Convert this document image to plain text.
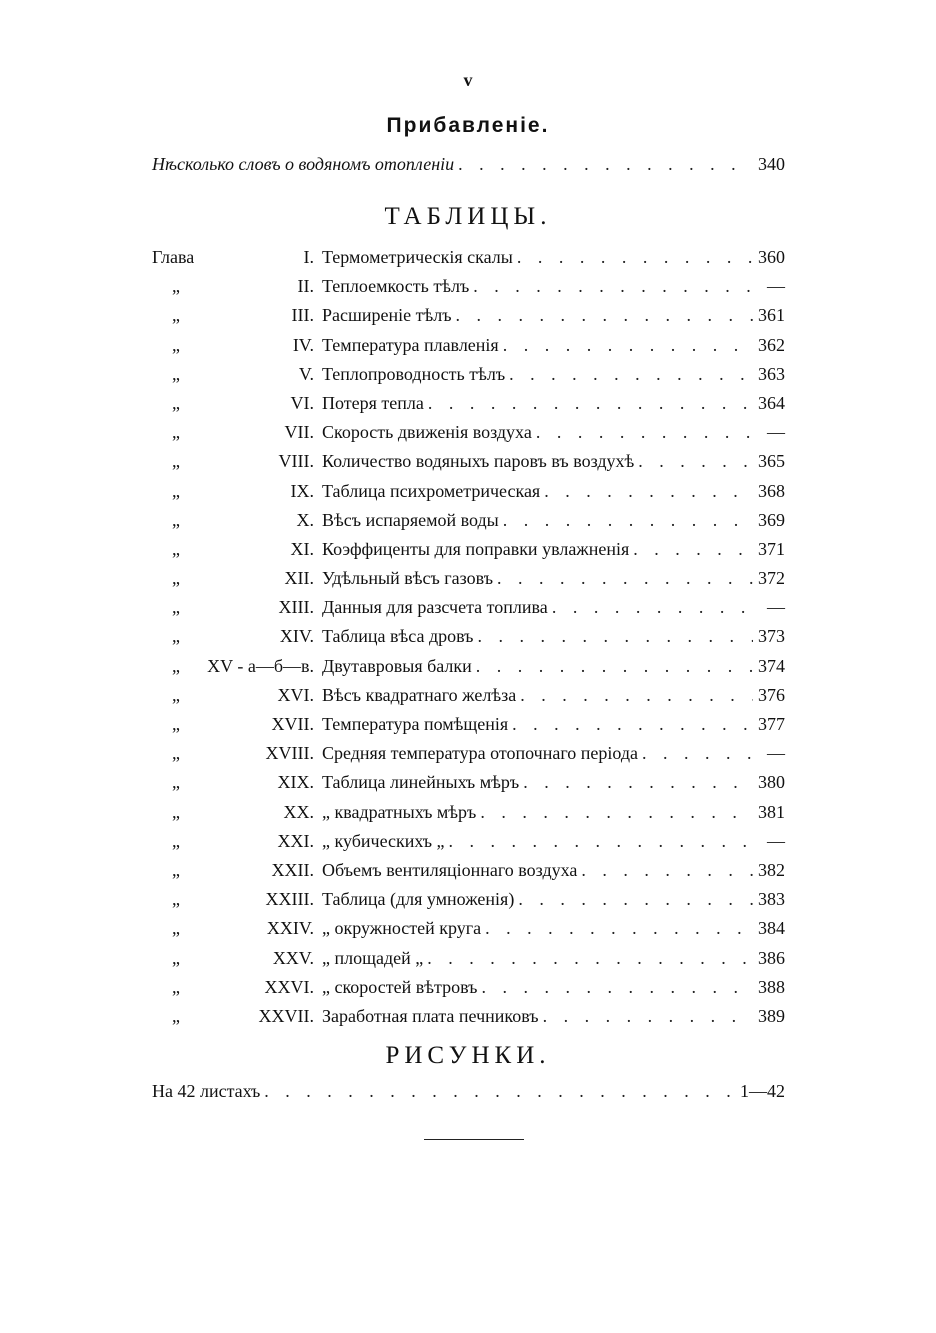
v
Прибавленіе.
Нѣсколько словъ о водяномъ отопленіи . . .	340
ТАБЛИЦЫ.
Глава	I. Термометрическія скалы . . .	360
„	II. Теплоемкость тѣлъ . . .	—
„	III. Расширеніе тѣлъ . . .	361
„	IV. Температура плавленія . . .	362
„	V. Теплопроводность тѣлъ . . .	363
„	VI. Потеря тепла . . .	364
„	VII. Скорость движенія воздуха . . .	—
„	VIII. Количество водяныхъ паровъ въ воздухѣ . . .	365
„	IX. Таблица психрометрическая . . .	368
„	X. Вѣсъ испаряемой воды . . .	369
„	XI. Коэффиценты для поправки увлажненія . . .	371
„	XII. Удѣльный вѣсъ газовъ . . .	372
„	XIII. Данныя для разсчета топлива . . .	—
„	XIV. Таблица вѣса дровъ . . .	373
„	XV - а—б—в. Двутавровыя балки . . .	374
„	XVI. Вѣсъ квадратнаго желѣза . . .	376
„	XVII. Температура помѣщенія . . .	377
„	XVIII. Средняя температура отопочнаго періода . . .	—
„	XIX. Таблица линейныхъ мѣръ . . .	380
„	XX. „ квадратныхъ мѣръ . . .	381
„	XXI. „ кубическихъ „ . . .	—
„	XXII. Объемъ вентиляціоннаго воздуха . . .	382
„	XXIII. Таблица (для умноженія) . . .	383
„	XXIV. „ окружностей круга . . .	384
„	XXV. „ площадей „ . . .	386
„	XXVI. „ скоростей вѣтровъ . . .	388
„	XXVII. Заработная плата печниковъ . . .	389
РИСУНКИ.
На 42 листахъ . . .	1—42
